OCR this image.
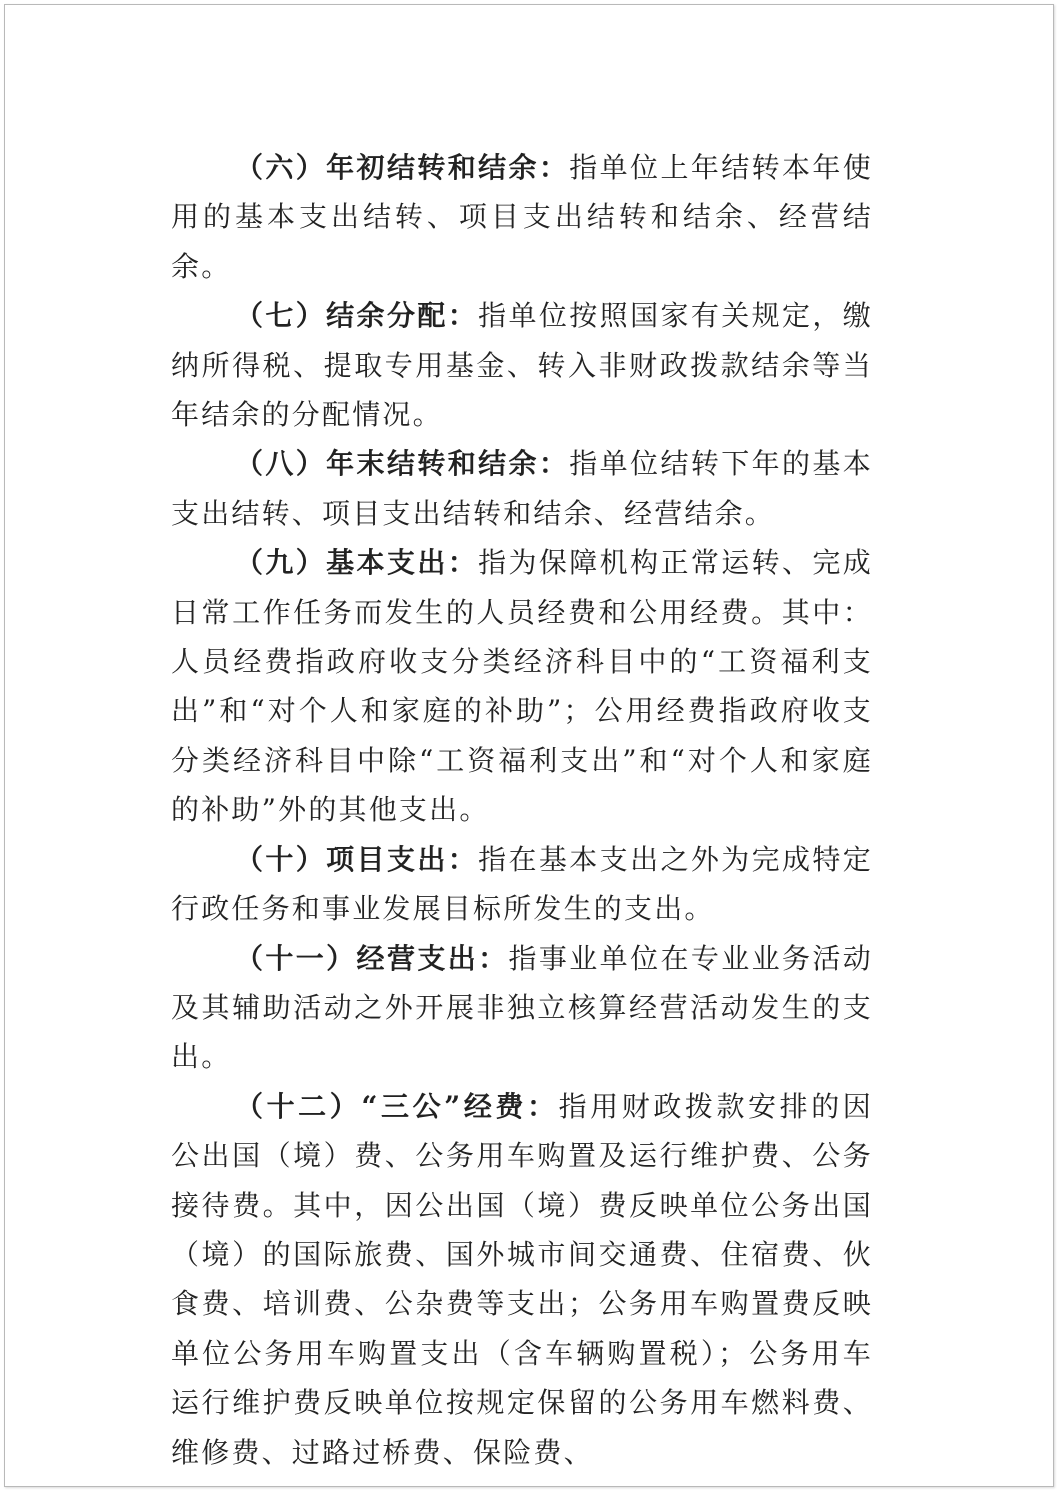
（六）年初结转和结余：指单位上年结转本年使用的基本支出结转、项目支出结转和结余、经营结余。

（七）结余分配：指单位按照国家有关规定，缴纳所得税、提取专用基金、转入非财政拨款结余等当年结余的分配情况。

（八）年末结转和结余：指单位结转下年的基本支出结转、项目支出结转和结余、经营结余。

（九）基本支出：指为保障机构正常运转、完成日常工作任务而发生的人员经费和公用经费。其中：人员经费指政府收支分类经济科目中的“工资福利支出”和“对个人和家庭的补助”；公用经费指政府收支分类经济科目中除“工资福利支出”和“对个人和家庭的补助”外的其他支出。

（十）项目支出：指在基本支出之外为完成特定行政任务和事业发展目标所发生的支出。

（十一）经营支出：指事业单位在专业业务活动及其辅助活动之外开展非独立核算经营活动发生的支出。

（十二）“三公”经费：指用财政拨款安排的因公出国（境）费、公务用车购置及运行维护费、公务接待费。其中，因公出国（境）费反映单位公务出国（境）的国际旅费、国外城市间交通费、住宿费、伙食费、培训费、公杂费等支出；公务用车购置费反映单位公务用车购置支出（含车辆购置税）；公务用车运行维护费反映单位按规定保留的公务用车燃料费、维修费、过路过桥费、保险费、
